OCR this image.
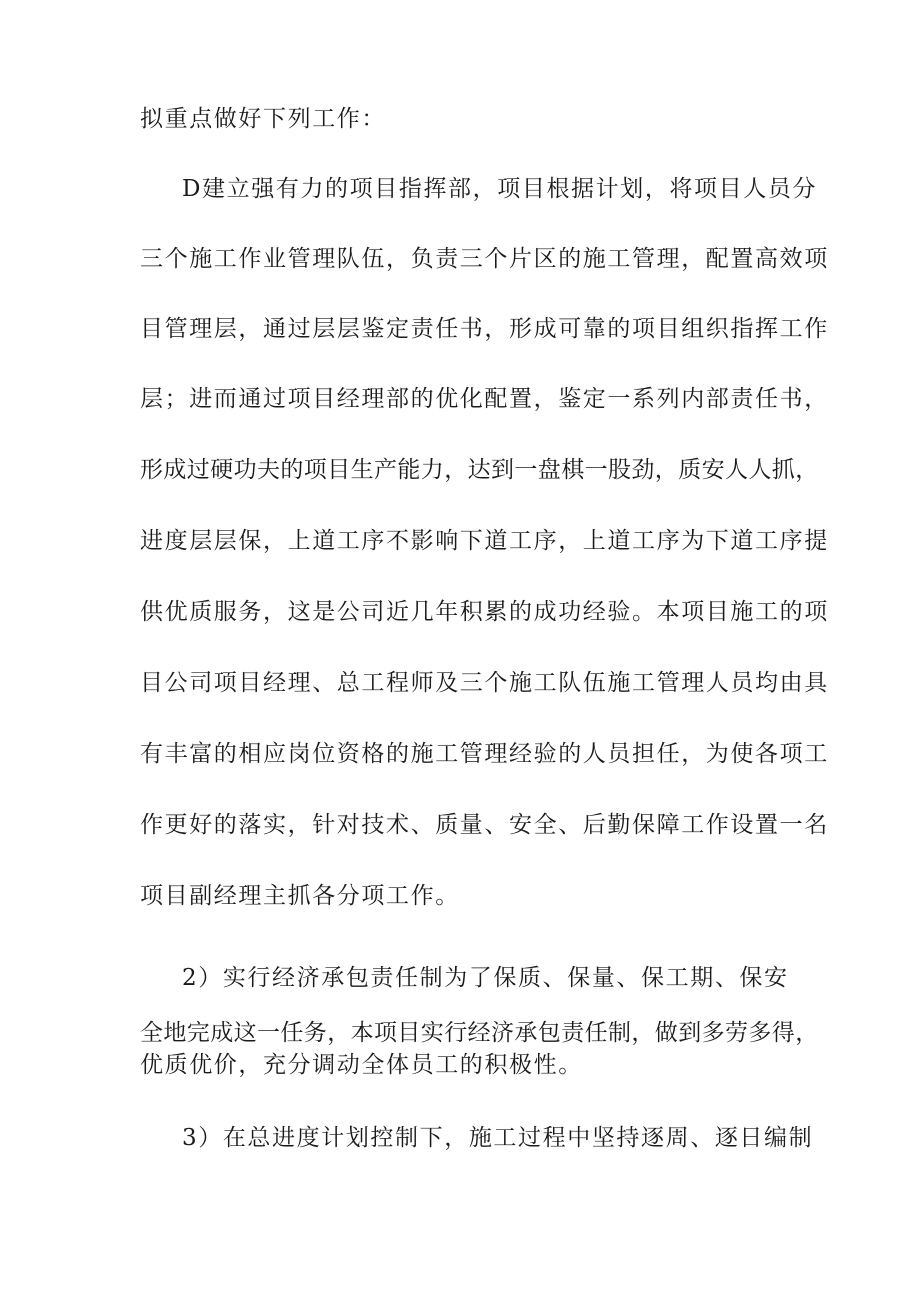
拟重点做好下列工作：
D建立强有力的项目指挥部，项目根据计划，将项目人员分
三个施工作业管理队伍，负责三个片区的施工管理，配置高效项
目管理层，通过层层鉴定责任书，形成可靠的项目组织指挥工作
层；进而通过项目经理部的优化配置，鉴定一系列内部责任书，
形成过硬功夫的项目生产能力，达到一盘棋一股劲，质安人人抓，
进度层层保，上道工序不影响下道工序，上道工序为下道工序提
供优质服务，这是公司近几年积累的成功经验。本项目施工的项
目公司项目经理、总工程师及三个施工队伍施工管理人员均由具
有丰富的相应岗位资格的施工管理经验的人员担任，为使各项工
作更好的落实，针对技术、质量、安全、后勤保障工作设置一名
项目副经理主抓各分项工作。
2）实行经济承包责任制为了保质、保量、保工期、保安
全地完成这一任务，本项目实行经济承包责任制，做到多劳多得，
优质优价，充分调动全体员工的积极性。
3）在总进度计划控制下，施工过程中坚持逐周、逐日编制
